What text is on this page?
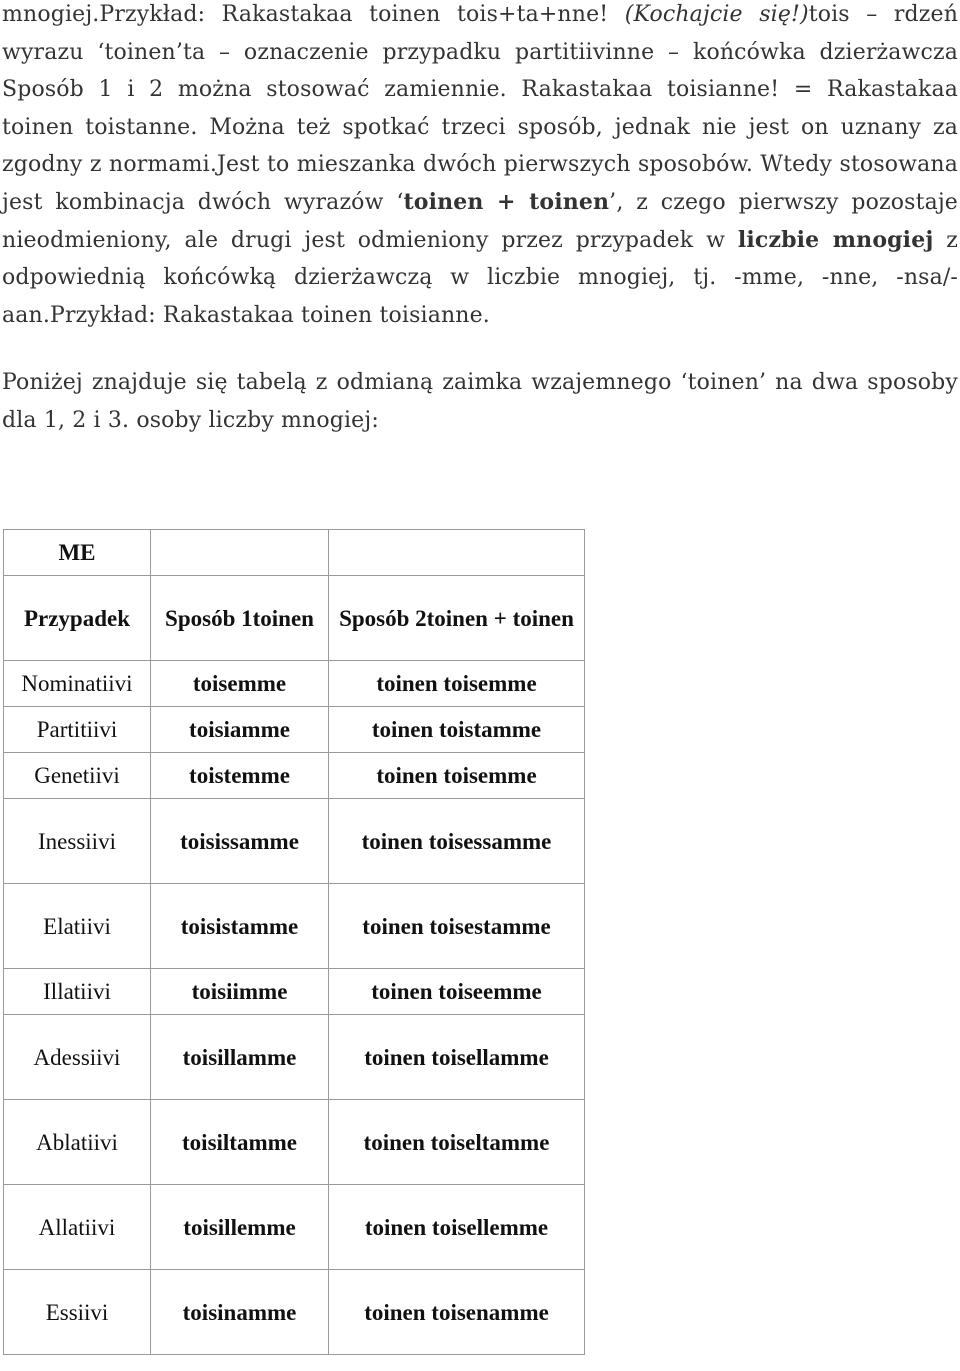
mnogiej.Przykład: Rakastakaa toinen tois+ta+nne! (Kochajcie się!)tois – rdzeń wyrazu ‘toinen’ta – oznaczenie przypadku partitiivinne – końcówka dzierżawcza Sposób 1 i 2 można stosować zamiennie. Rakastakaa toisianne! = Rakastakaa toinen toistanne. Można też spotkać trzeci sposób, jednak nie jest on uznany za zgodny z normami.Jest to mieszanka dwóch pierwszych sposobów. Wtedy stosowana jest kombinacja dwóch wyrazów ‘toinen + toinen’, z czego pierwszy pozostaje nieodmieniony, ale drugi jest odmieniony przez przypadek w liczbie mnogiej z odpowiednią końcówką dzierżawczą w liczbie mnogiej, tj. -mme, -nne, -nsa/-aan.Przykład: Rakastakaa toinen toisianne.

Poniżej znajduje się tabelą z odmianą zaimka wzajemnego ‘toinen’ na dwa sposoby dla 1, 2 i 3. osoby liczby mnogiej:

ME		
Przypadek	Sposób 1toinen	Sposób 2toinen + toinen
Nominatiivi	toisemme	toinen toisemme
Partitiivi	toisiamme	toinen toistamme
Genetiivi	toistemme	toinen toisemme
Inessiivi	toisissamme	toinen toisessamme
Elatiivi	toisistamme	toinen toisestamme
Illatiivi	toisiimme	toinen toiseemme
Adessiivi	toisillamme	toinen toisellamme
Ablatiivi	toisiltamme	toinen toiseltamme
Allatiivi	toisillemme	toinen toisellemme
Essiivi	toisinamme	toinen toisenamme
